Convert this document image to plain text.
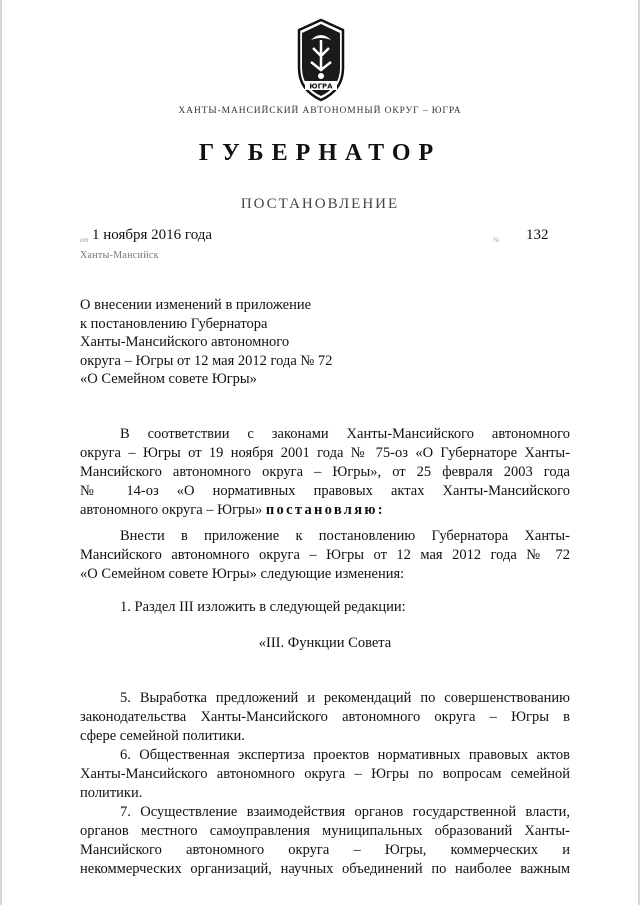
ЮГРА
ХАНТЫ-МАНСИЙСКИЙ АВТОНОМНЫЙ ОКРУГ – ЮГРА
ГУБЕРНАТОР
ПОСТАНОВЛЕНИЕ
от 1 ноября 2016 года	№ 132
Ханты-Мансийск
О внесении изменений в приложение
к постановлению Губернатора
Ханты-Мансийского автономного
округа – Югры от 12 мая 2012 года № 72
«О Семейном совете Югры»
В соответствии с законами Ханты-Мансийского автономного
округа – Югры от 19 ноября 2001 года № 75-оз «О Губернаторе Ханты-
Мансийского автономного округа – Югры», от 25 февраля 2003 года
№ 14-оз «О нормативных правовых актах Ханты-Мансийского
автономного округа – Югры» постановляю:
Внести в приложение к постановлению Губернатора Ханты-
Мансийского автономного округа – Югры от 12 мая 2012 года № 72
«О Семейном совете Югры» следующие изменения:
1. Раздел III изложить в следующей редакции:
«III. Функции Совета
5. Выработка предложений и рекомендаций по совершенствованию
законодательства Ханты-Мансийского автономного округа – Югры в
сфере семейной политики.
6. Общественная экспертиза проектов нормативных правовых актов
Ханты-Мансийского автономного округа – Югры по вопросам семейной
политики.
7. Осуществление взаимодействия органов государственной власти,
органов местного самоуправления муниципальных образований Ханты-
Мансийского автономного округа – Югры, коммерческих и
некоммерческих организаций, научных объединений по наиболее важным
